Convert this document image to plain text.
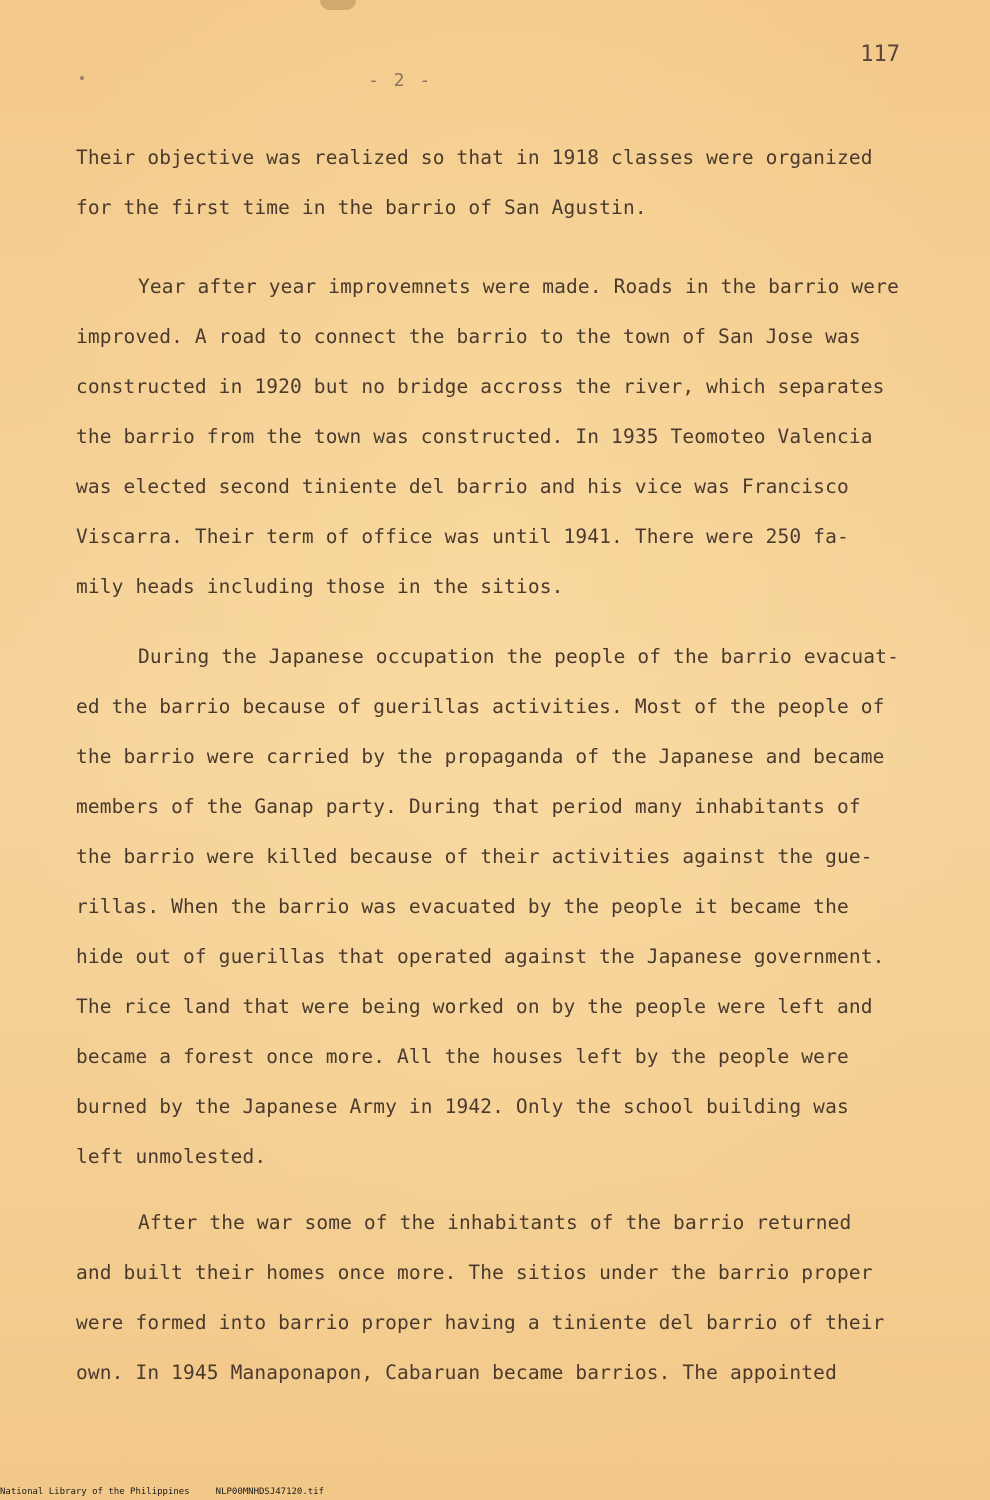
- 2 -
117
Their objective was realized so that in 1918 classes were organized
for the first time in the barrio of San Agustin.
Year after year improvemnets were made. Roads in the barrio were
improved. A road to connect the barrio to the town of San Jose was
constructed in 1920 but no bridge accross the river, which separates
the barrio from the town was constructed. In 1935 Teomoteo Valencia
was elected second tiniente del barrio and his vice was Francisco
Viscarra. Their term of office was until 1941. There were 250 fa-
mily heads including those in the sitios.
During the Japanese occupation the people of the barrio evacuat-
ed the barrio because of guerillas activities. Most of the people of
the barrio were carried by the propaganda of the Japanese and became
members of the Ganap party. During that period many inhabitants of
the barrio were killed because of their activities against the gue-
rillas. When the barrio was evacuated by the people it became the
hide out of guerillas that operated against the Japanese government.
The rice land that were being worked on by the people were left and
became a forest once more. All the houses left by the people were
burned by the Japanese Army in 1942. Only the school building was
left unmolested.
After the war some of the inhabitants of the barrio returned
and built their homes once more. The sitios under the barrio proper
were formed into barrio proper having a tiniente del barrio of their
own. In 1945 Manaponapon, Cabaruan became barrios. The appointed
National Library of the Philippines	NLP00MNHDSJ47120.tif
